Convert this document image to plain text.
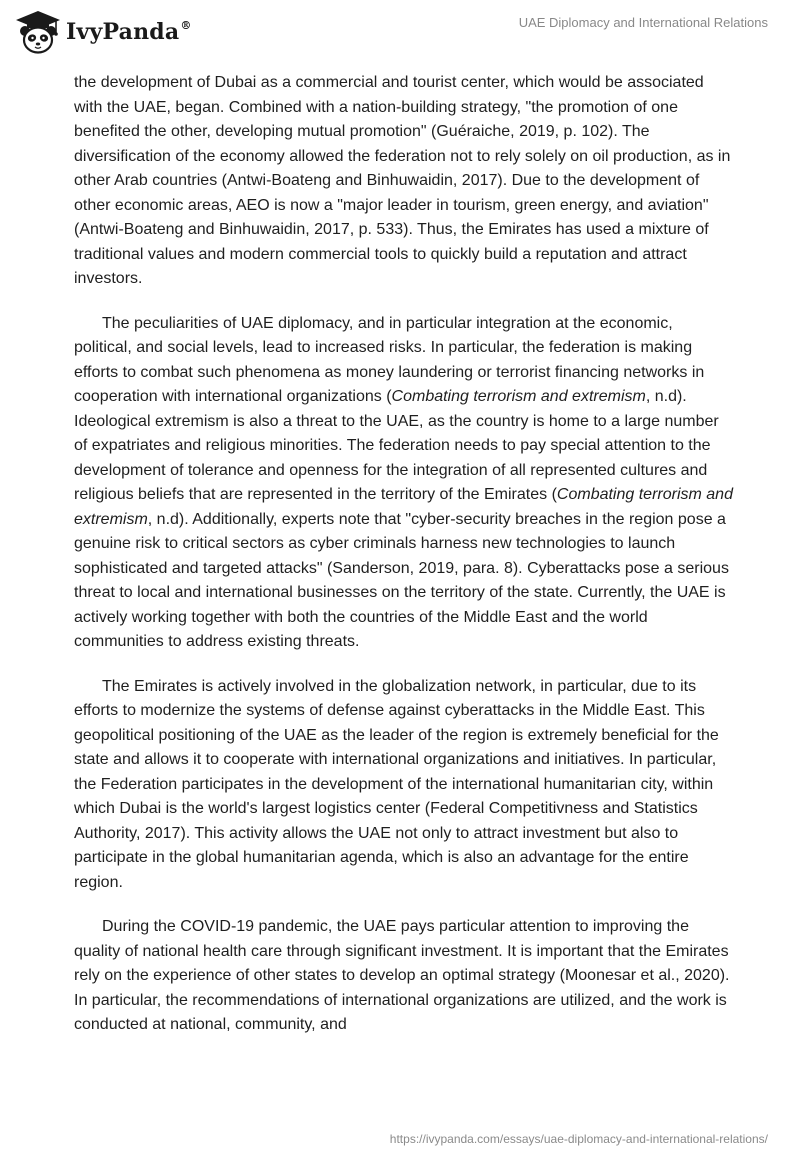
IvyPanda®	UAE Diplomacy and International Relations

the development of Dubai as a commercial and tourist center, which would be associated with the UAE, began. Combined with a nation-building strategy, "the promotion of one benefited the other, developing mutual promotion" (Guéraiche, 2019, p. 102). The diversification of the economy allowed the federation not to rely solely on oil production, as in other Arab countries (Antwi-Boateng and Binhuwaidin, 2017). Due to the development of other economic areas, AEO is now a "major leader in tourism, green energy, and aviation" (Antwi-Boateng and Binhuwaidin, 2017, p. 533). Thus, the Emirates has used a mixture of traditional values and modern commercial tools to quickly build a reputation and attract investors.

The peculiarities of UAE diplomacy, and in particular integration at the economic, political, and social levels, lead to increased risks. In particular, the federation is making efforts to combat such phenomena as money laundering or terrorist financing networks in cooperation with international organizations (Combating terrorism and extremism, n.d). Ideological extremism is also a threat to the UAE, as the country is home to a large number of expatriates and religious minorities. The federation needs to pay special attention to the development of tolerance and openness for the integration of all represented cultures and religious beliefs that are represented in the territory of the Emirates (Combating terrorism and extremism, n.d). Additionally, experts note that "cyber-security breaches in the region pose a genuine risk to critical sectors as cyber criminals harness new technologies to launch sophisticated and targeted attacks" (Sanderson, 2019, para. 8). Cyberattacks pose a serious threat to local and international businesses on the territory of the state. Currently, the UAE is actively working together with both the countries of the Middle East and the world communities to address existing threats.

The Emirates is actively involved in the globalization network, in particular, due to its efforts to modernize the systems of defense against cyberattacks in the Middle East. This geopolitical positioning of the UAE as the leader of the region is extremely beneficial for the state and allows it to cooperate with international organizations and initiatives. In particular, the Federation participates in the development of the international humanitarian city, within which Dubai is the world's largest logistics center (Federal Competitivness and Statistics Authority, 2017). This activity allows the UAE not only to attract investment but also to participate in the global humanitarian agenda, which is also an advantage for the entire region.

During the COVID-19 pandemic, the UAE pays particular attention to improving the quality of national health care through significant investment. It is important that the Emirates rely on the experience of other states to develop an optimal strategy (Moonesar et al., 2020). In particular, the recommendations of international organizations are utilized, and the work is conducted at national, community, and

https://ivypanda.com/essays/uae-diplomacy-and-international-relations/
